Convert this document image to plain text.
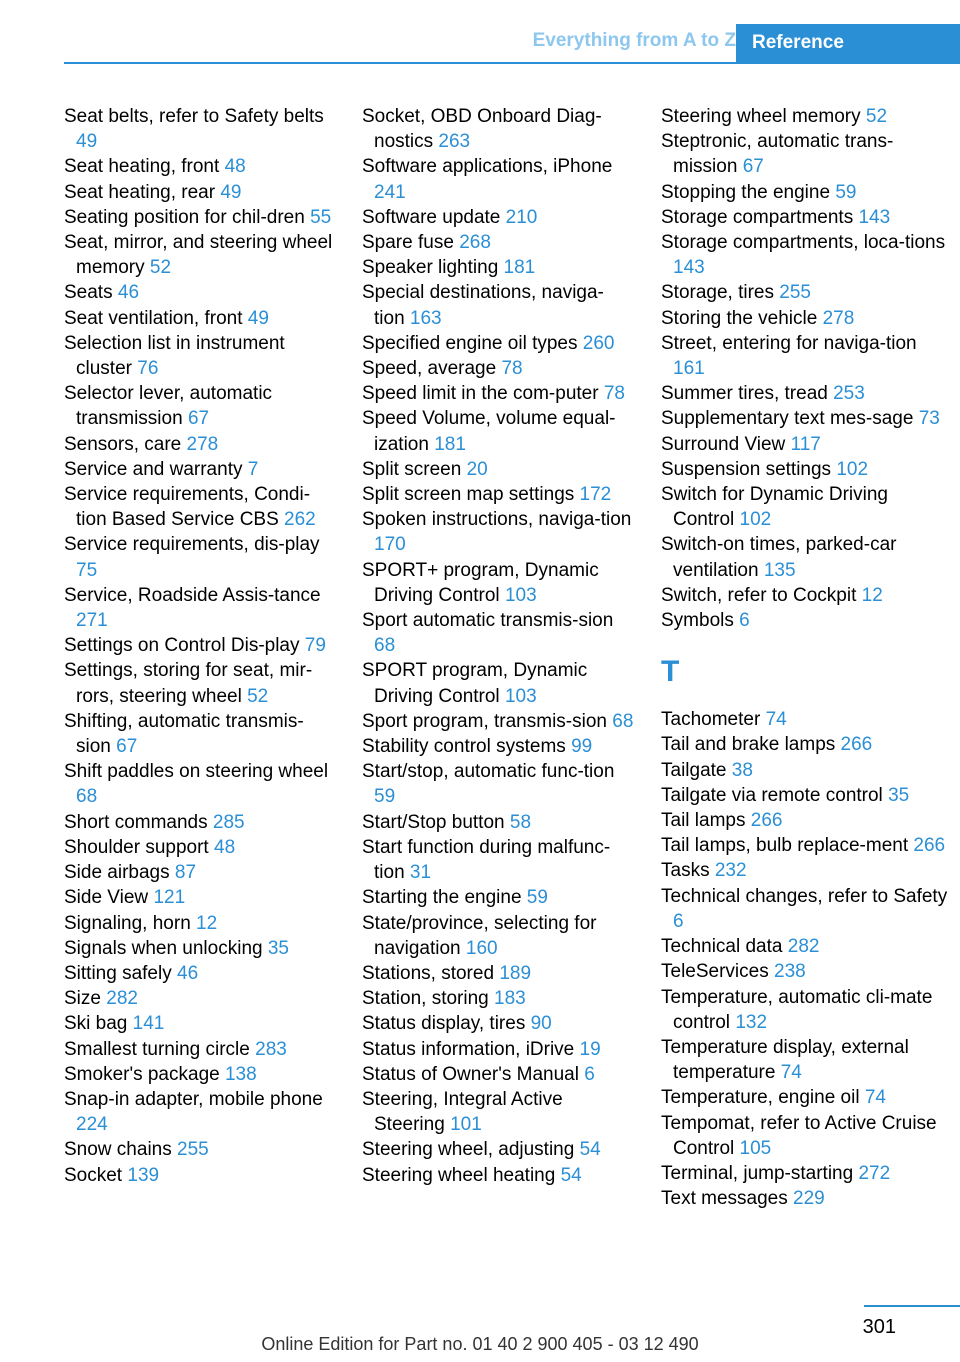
Everything from A to Z Reference

Seat belts, refer to Safety belts 49

Seat heating, front 48

Seat heating, rear 49

Seating position for chil‐dren 55

Seat, mirror, and steering wheel memory 52

Seats 46

Seat ventilation, front 49

Selection list in instrument cluster 76

Selector lever, automatic transmission 67

Sensors, care 278

Service and warranty 7

Service requirements, Condi‐tion Based Service CBS 262

Service requirements, dis‐play 75

Service, Roadside Assis‐tance 271

Settings on Control Dis‐play 79

Settings, storing for seat, mir‐rors, steering wheel 52

Shifting, automatic transmis‐sion 67

Shift paddles on steering wheel 68

Short commands 285

Shoulder support 48

Side airbags 87

Side View 121

Signaling, horn 12

Signals when unlocking 35

Sitting safely 46

Size 282

Ski bag 141

Smallest turning circle 283

Smoker's package 138

Snap-in adapter, mobile phone 224

Snow chains 255

Socket 139

Socket, OBD Onboard Diag‐nostics 263

Software applications, iPhone 241

Software update 210

Spare fuse 268

Speaker lighting 181

Special destinations, naviga‐tion 163

Specified engine oil types 260

Speed, average 78

Speed limit in the com‐puter 78

Speed Volume, volume equal‐ization 181

Split screen 20

Split screen map settings 172

Spoken instructions, naviga‐tion 170

SPORT+ program, Dynamic Driving Control 103

Sport automatic transmis‐sion 68

SPORT program, Dynamic Driving Control 103

Sport program, transmis‐sion 68

Stability control systems 99

Start/stop, automatic func‐tion 59

Start/Stop button 58

Start function during malfunc‐tion 31

Starting the engine 59

State/province, selecting for navigation 160

Stations, stored 189

Station, storing 183

Status display, tires 90

Status information, iDrive 19

Status of Owner's Manual 6

Steering, Integral Active Steering 101

Steering wheel, adjusting 54

Steering wheel heating 54

Steering wheel memory 52

Steptronic, automatic trans‐mission 67

Stopping the engine 59

Storage compartments 143

Storage compartments, loca‐tions 143

Storage, tires 255

Storing the vehicle 278

Street, entering for naviga‐tion 161

Summer tires, tread 253

Supplementary text mes‐sage 73

Surround View 117

Suspension settings 102

Switch for Dynamic Driving Control 102

Switch-on times, parked-car ventilation 135

Switch, refer to Cockpit 12

Symbols 6

T

Tachometer 74

Tail and brake lamps 266

Tailgate 38

Tailgate via remote control 35

Tail lamps 266

Tail lamps, bulb replace‐ment 266

Tasks 232

Technical changes, refer to Safety 6

Technical data 282

TeleServices 238

Temperature, automatic cli‐mate control 132

Temperature display, external temperature 74

Temperature, engine oil 74

Tempomat, refer to Active Cruise Control 105

Terminal, jump-starting 272

Text messages 229

301
Online Edition for Part no. 01 40 2 900 405 - 03 12 490
